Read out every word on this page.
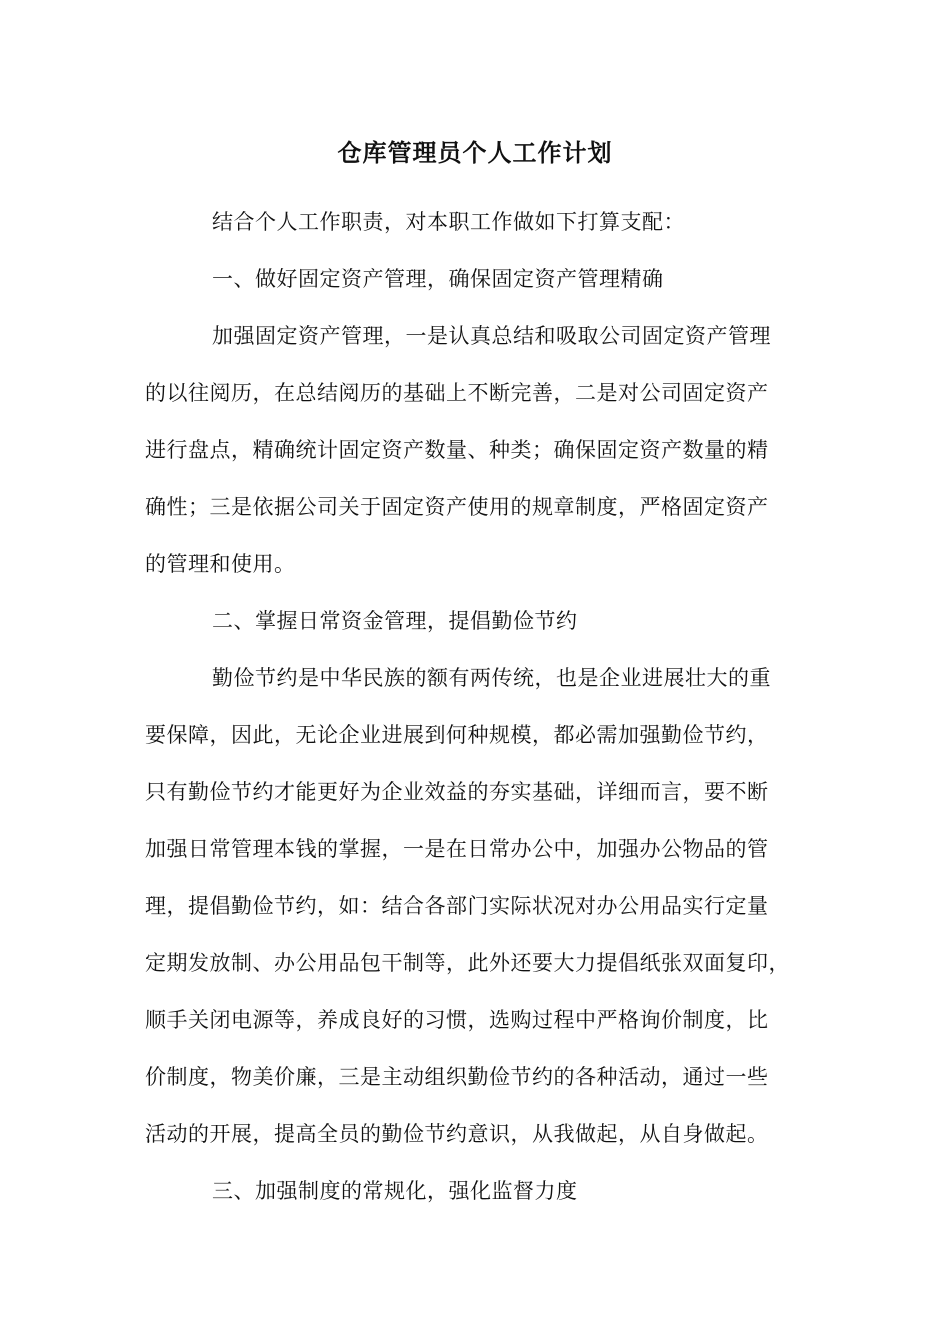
仓库管理员个人工作计划
结合个人工作职责，对本职工作做如下打算支配：
一、做好固定资产管理，确保固定资产管理精确
加强固定资产管理，一是认真总结和吸取公司固定资产管理
的以往阅历，在总结阅历的基础上不断完善，二是对公司固定资产
进行盘点，精确统计固定资产数量、种类；确保固定资产数量的精
确性；三是依据公司关于固定资产使用的规章制度，严格固定资产
的管理和使用。
二、掌握日常资金管理，提倡勤俭节约
勤俭节约是中华民族的额有两传统，也是企业进展壮大的重
要保障，因此，无论企业进展到何种规模，都必需加强勤俭节约，
只有勤俭节约才能更好为企业效益的夯实基础，详细而言，要不断
加强日常管理本钱的掌握，一是在日常办公中，加强办公物品的管
理，提倡勤俭节约，如：结合各部门实际状况对办公用品实行定量
定期发放制、办公用品包干制等，此外还要大力提倡纸张双面复印，
顺手关闭电源等，养成良好的习惯，选购过程中严格询价制度，比
价制度，物美价廉，三是主动组织勤俭节约的各种活动，通过一些
活动的开展，提高全员的勤俭节约意识，从我做起，从自身做起。
三、加强制度的常规化，强化监督力度
